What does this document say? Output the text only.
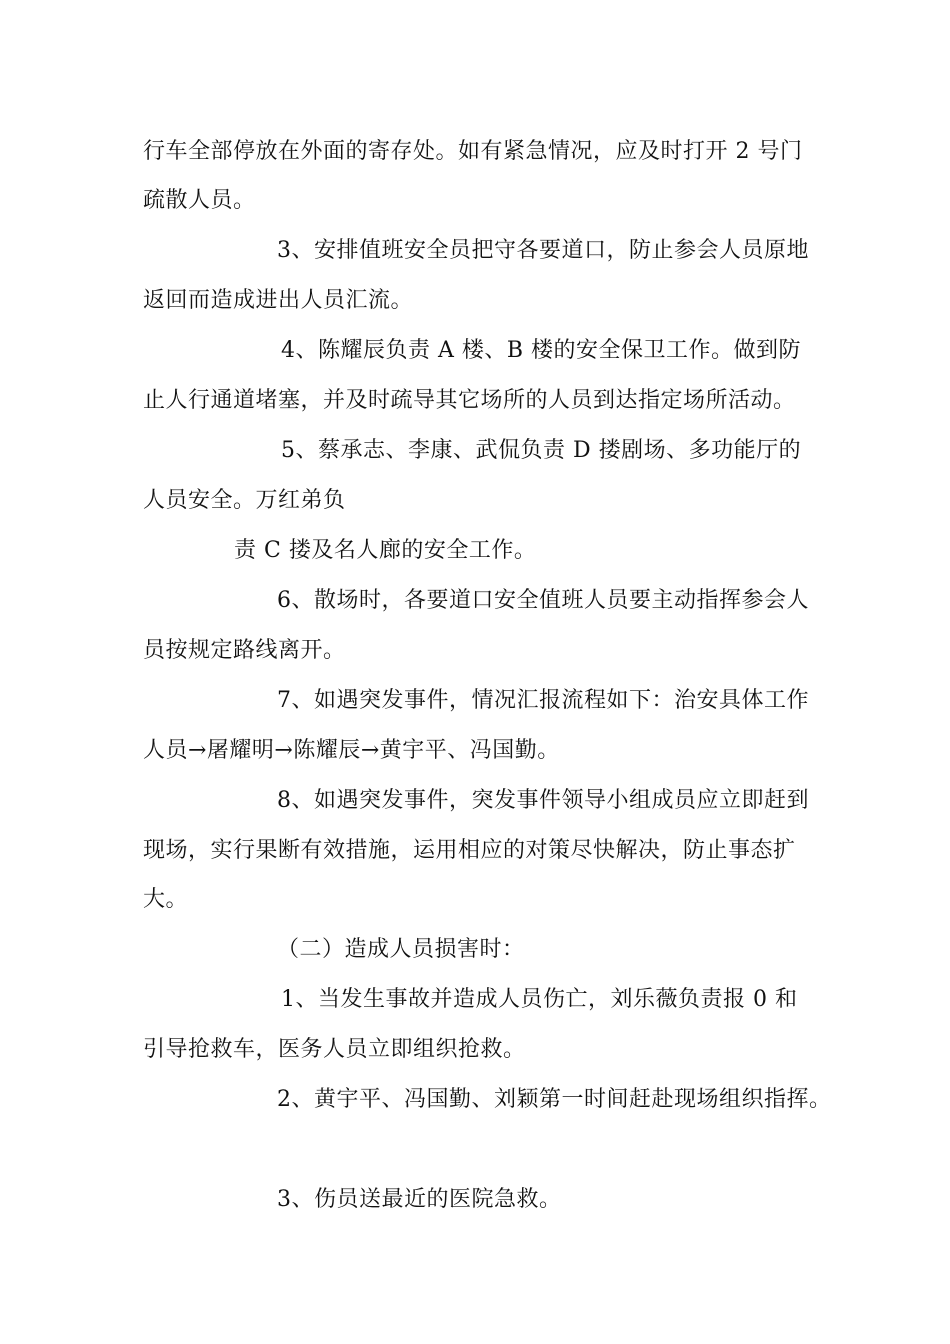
行车全部停放在外面的寄存处。如有紧急情况，应及时打开 2 号门
疏散人员。
3、安排值班安全员把守各要道口，防止参会人员原地
返回而造成进出人员汇流。
4、陈耀辰负责 A 楼、B 楼的安全保卫工作。做到防
止人行通道堵塞，并及时疏导其它场所的人员到达指定场所活动。
5、蔡承志、李康、武侃负责 D 搂剧场、多功能厅的
人员安全。万红弟负
责 C 搂及名人廊的安全工作。
6、散场时，各要道口安全值班人员要主动指挥参会人
员按规定路线离开。
7、如遇突发事件，情况汇报流程如下：治安具体工作
人员→屠耀明→陈耀辰→黄宇平、冯国勤。
8、如遇突发事件，突发事件领导小组成员应立即赶到
现场，实行果断有效措施，运用相应的对策尽快解决，防止事态扩
大。
（二）造成人员损害时：
1、当发生事故并造成人员伤亡，刘乐薇负责报 0 和
引导抢救车，医务人员立即组织抢救。
2、黄宇平、冯国勤、刘颖第一时间赶赴现场组织指挥。
3、伤员送最近的医院急救。
